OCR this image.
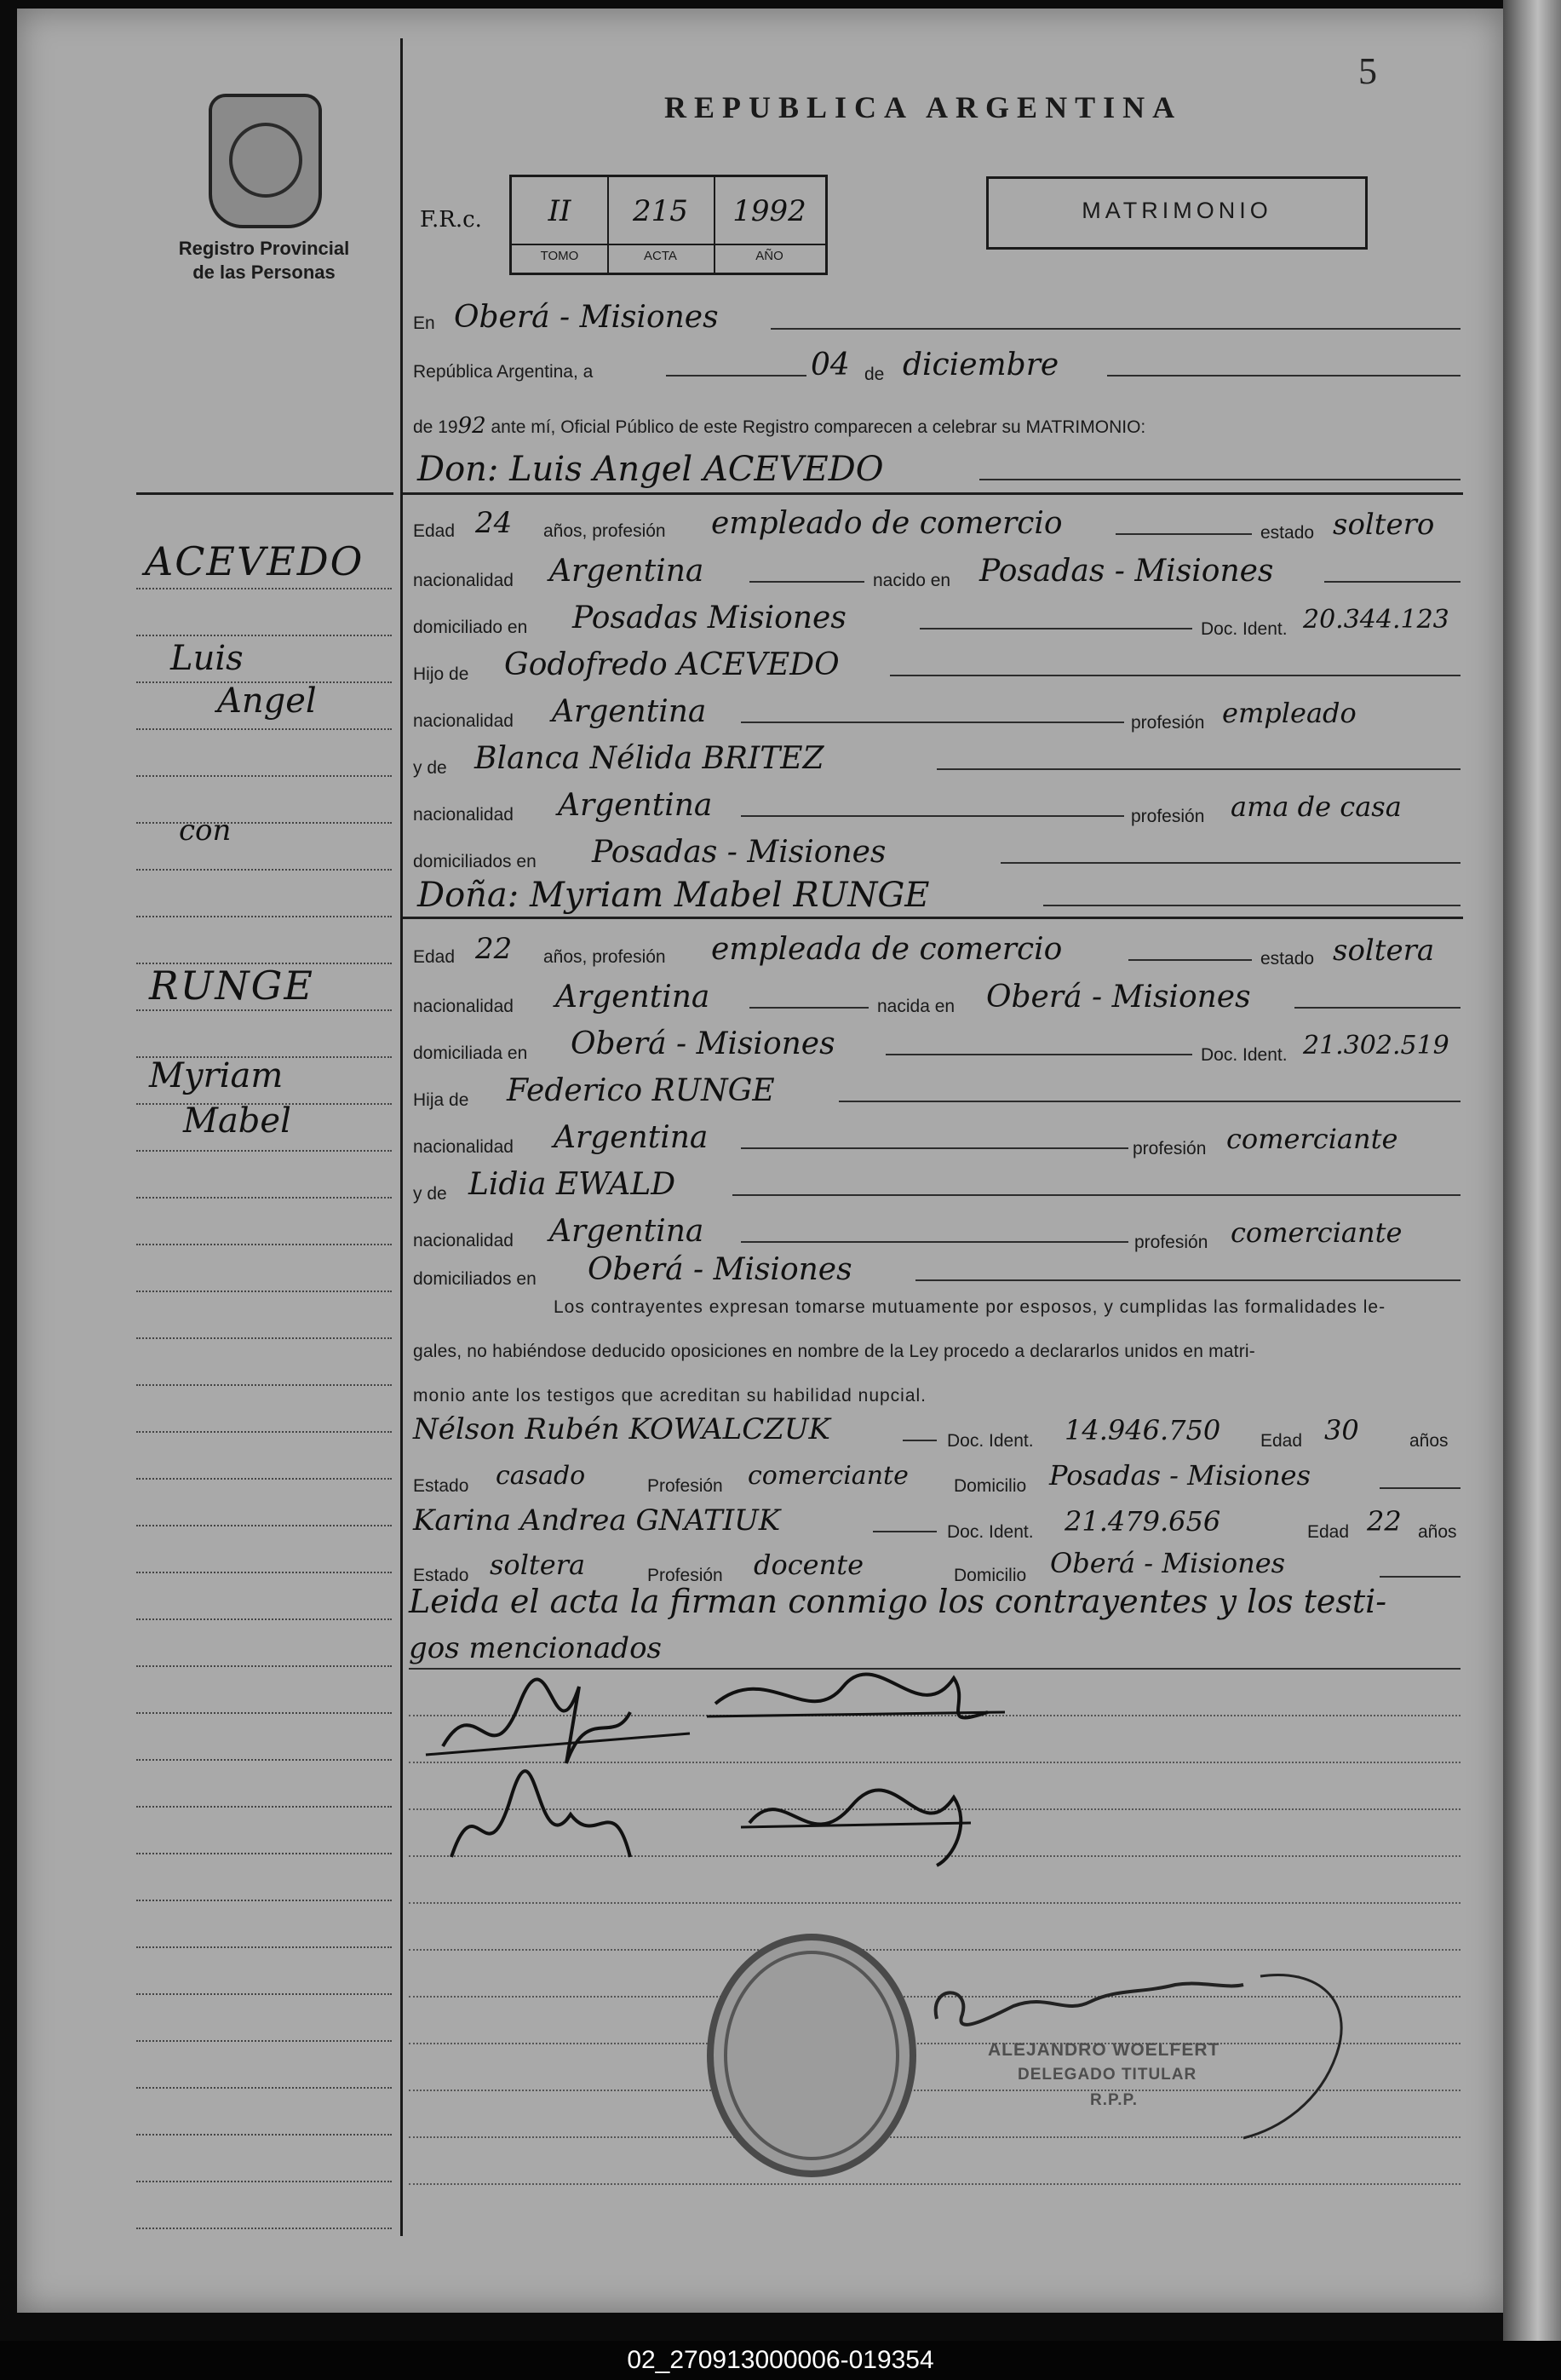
Registro Provincial
de las Personas
5
REPUBLICA ARGENTINA
F.R.c.	II	215	1992
TOMO	ACTA	AÑO
MATRIMONIO
ACEVEDO
Luis
Angel
con
RUNGE
Myriam
Mabel
En Oberá - Misiones
República Argentina, a	04 de diciembre
de 1992 ante mí, Oficial Público de este Registro comparecen a celebrar su MATRIMONIO:
Don: Luis Angel ACEVEDO
Edad 24 años, profesión empleado de comercio	estado soltero
nacionalidad Argentina	nacido en Posadas - Misiones
domiciliado en Posadas Misiones	Doc. Ident. 20.344.123
Hijo de Godofredo ACEVEDO
nacionalidad Argentina	profesión empleado
y de Blanca Nélida BRITEZ
nacionalidad Argentina	profesión ama de casa
domiciliados en Posadas - Misiones
Doña: Myriam Mabel RUNGE
Edad 22 años, profesión empleada de comercio	estado soltera
nacionalidad Argentina	nacida en Oberá - Misiones
domiciliada en Oberá - Misiones	Doc. Ident. 21.302.519
Hija de Federico RUNGE
nacionalidad Argentina	profesión comerciante
y de Lidia EWALD
nacionalidad Argentina	profesión comerciante
domiciliados en Oberá - Misiones
Los contrayentes expresan tomarse mutuamente por esposos, y cumplidas las formalidades le-
gales, no habiéndose deducido oposiciones en nombre de la Ley procedo a declararlos unidos en matri-
monio ante los testigos que acreditan su habilidad nupcial.
Nélson Rubén KOWALCZUK	Doc. Ident. 14.946.750 Edad 30	años
Estado casado	Profesión comerciante	Domicilio Posadas - Misiones
Karina Andrea GNATIUK	Doc. Ident. 21.479.656	Edad 22 años
Estado soltera	Profesión docente	Domicilio Oberá - Misiones
Leida el acta la firman conmigo los contrayentes y los testi-
gos mencionados
ALEJANDRO WOELFERT
DELEGADO TITULAR
R.P.P.
02_270913000006-019354
